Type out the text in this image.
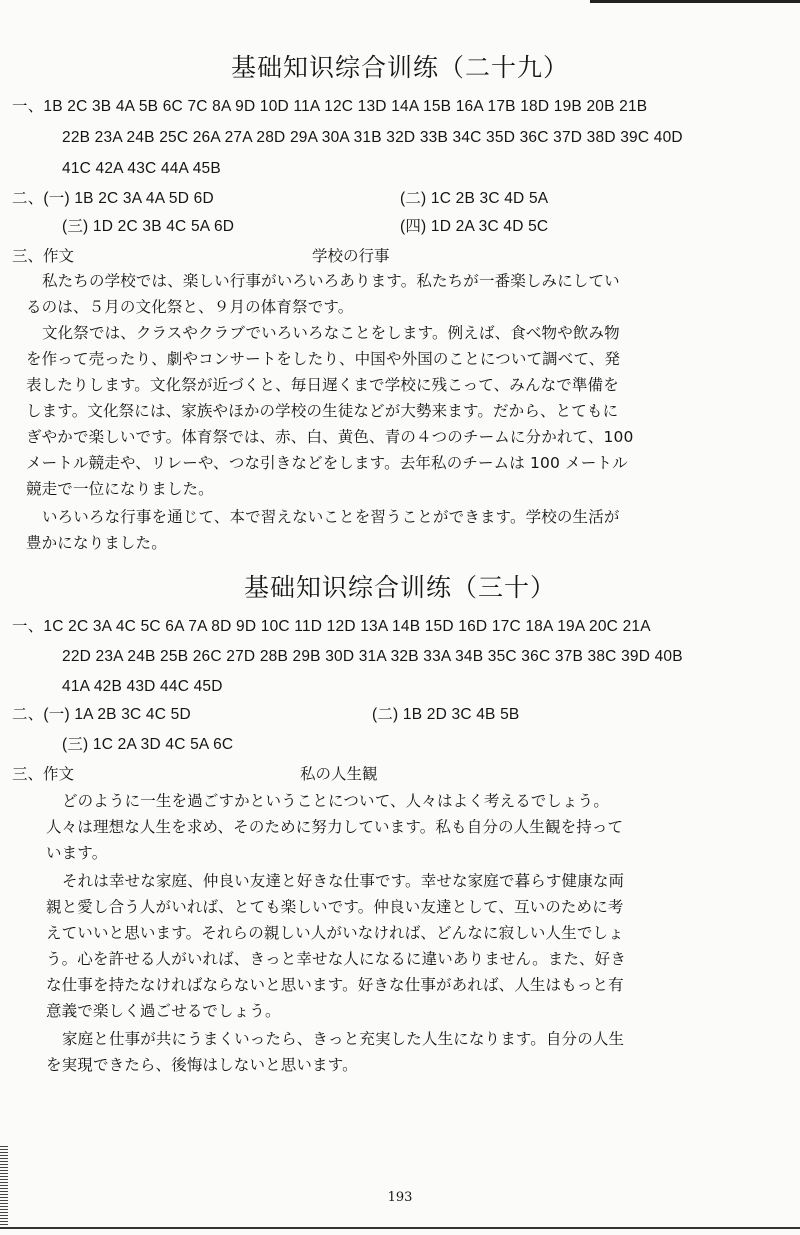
基础知识综合训练（二十九）
一、1B 2C 3B 4A 5B 6C 7C 8A 9D 10D 11A 12C 13D 14A 15B 16A 17B 18D 19B 20B 21B
22B 23A 24B 25C 26A 27A 28D 29A 30A 31B 32D 33B 34C 35D 36C 37D 38D 39C 40D
41C 42A 43C 44A 45B
二、(一) 1B 2C 3A 4A 5D 6D	(二) 1C 2B 3C 4D 5A
(三) 1D 2C 3B 4C 5A 6D	(四) 1D 2A 3C 4D 5C
三、作文	学校の行事
私たちの学校では、楽しい行事がいろいろあります。私たちが一番楽しみにしてい
るのは、５月の文化祭と、９月の体育祭です。
文化祭では、クラスやクラブでいろいろなことをします。例えば、食べ物や飲み物
を作って売ったり、劇やコンサートをしたり、中国や外国のことについて調べて、発
表したりします。文化祭が近づくと、毎日遅くまで学校に残こって、みんなで準備を
します。文化祭には、家族やほかの学校の生徒などが大勢来ます。だから、とてもに
ぎやかで楽しいです。体育祭では、赤、白、黄色、青の４つのチームに分かれて、100
メートル競走や、リレーや、つな引きなどをします。去年私のチームは 100 メートル
競走で一位になりました。
いろいろな行事を通じて、本で習えないことを習うことができます。学校の生活が
豊かになりました。
基础知识综合训练（三十）
一、1C 2C 3A 4C 5C 6A 7A 8D 9D 10C 11D 12D 13A 14B 15D 16D 17C 18A 19A 20C 21A
22D 23A 24B 25B 26C 27D 28B 29B 30D 31A 32B 33A 34B 35C 36C 37B 38C 39D 40B
41A 42B 43D 44C 45D
二、(一) 1A 2B 3C 4C 5D	(二) 1B 2D 3C 4B 5B
(三) 1C 2A 3D 4C 5A 6C
三、作文	私の人生観
どのように一生を過ごすかということについて、人々はよく考えるでしょう。
人々は理想な人生を求め、そのために努力しています。私も自分の人生観を持って
います。
それは幸せな家庭、仲良い友達と好きな仕事です。幸せな家庭で暮らす健康な両
親と愛し合う人がいれば、とても楽しいです。仲良い友達として、互いのために考
えていいと思います。それらの親しい人がいなければ、どんなに寂しい人生でしょ
う。心を許せる人がいれば、きっと幸せな人になるに違いありません。また、好き
な仕事を持たなければならないと思います。好きな仕事があれば、人生はもっと有
意義で楽しく過ごせるでしょう。
家庭と仕事が共にうまくいったら、きっと充実した人生になります。自分の人生
を実現できたら、後悔はしないと思います。
193
